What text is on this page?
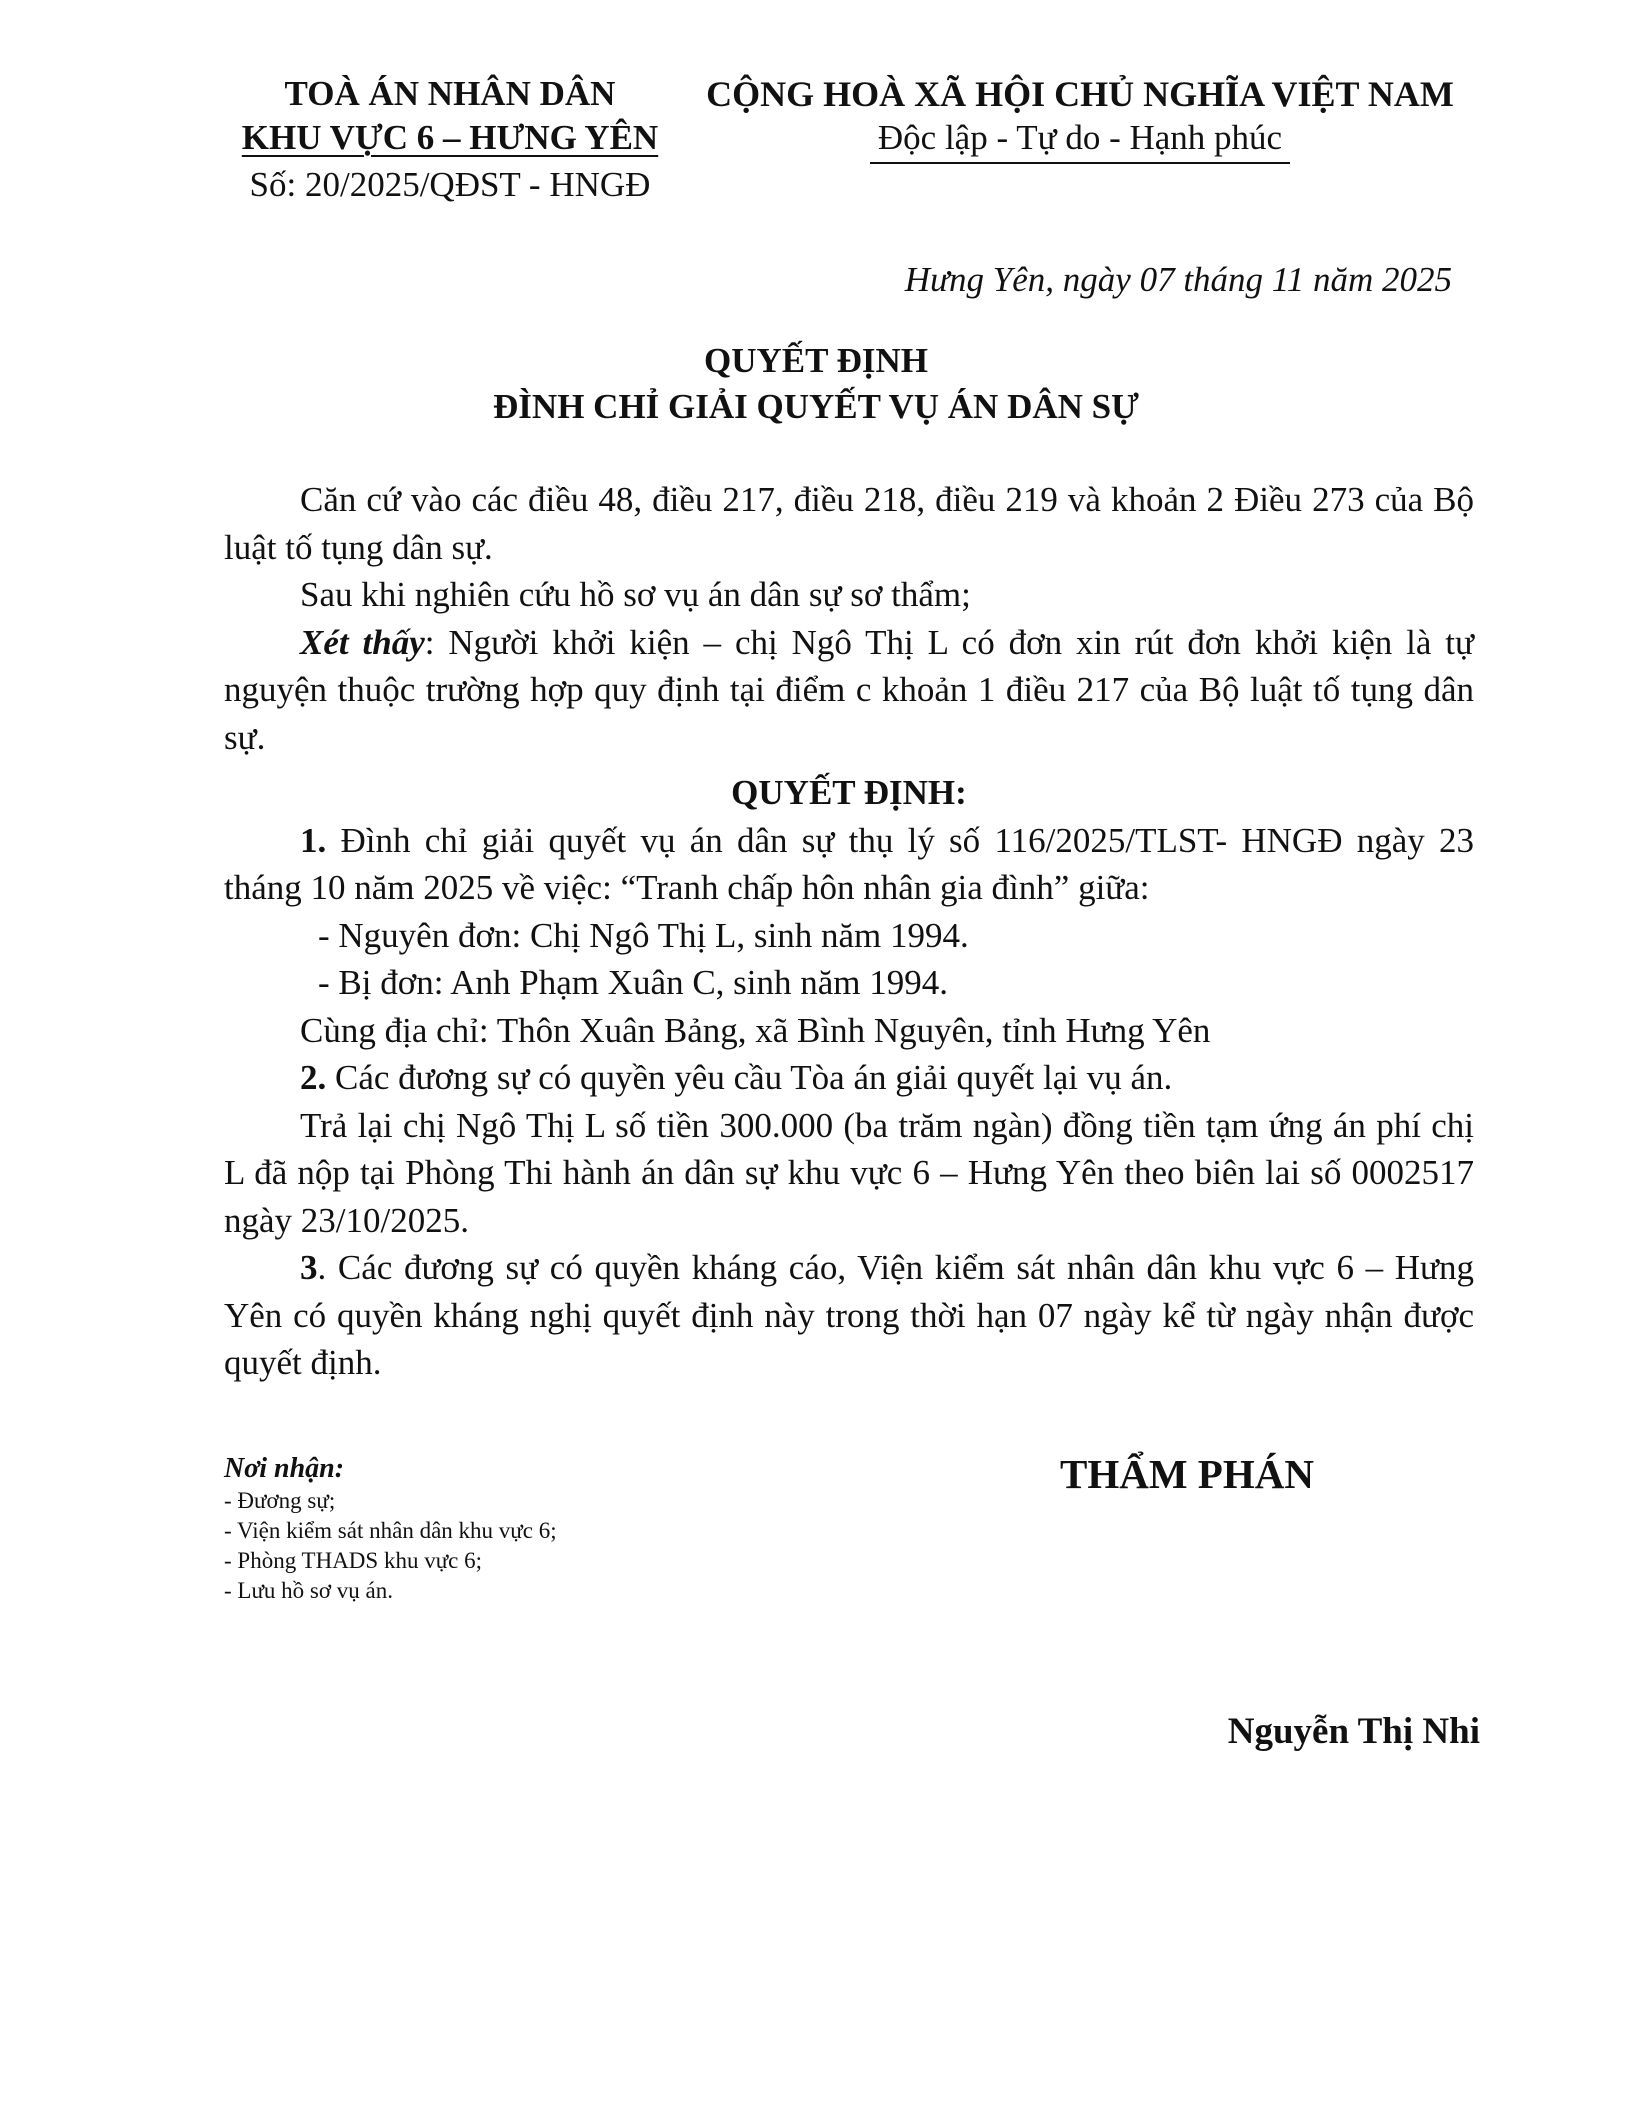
TOÀ ÁN NHÂN DÂN
KHU VỰC 6 – HƯNG YÊN
Số: 20/2025/QĐST - HNGĐ
CỘNG HOÀ XÃ HỘI CHỦ NGHĨA VIỆT NAM
Độc lập - Tự do - Hạnh phúc
Hưng Yên, ngày 07 tháng 11 năm 2025
QUYẾT ĐỊNH
ĐÌNH CHỈ GIẢI QUYẾT VỤ ÁN DÂN SỰ

Căn cứ vào các điều 48, điều 217, điều 218, điều 219 và khoản 2 Điều 273 của Bộ luật tố tụng dân sự.

Sau khi nghiên cứu hồ sơ vụ án dân sự sơ thẩm;

Xét thấy: Người khởi kiện – chị Ngô Thị L có đơn xin rút đơn khởi kiện là tự nguyện thuộc trường hợp quy định tại điểm c khoản 1 điều 217 của Bộ luật tố tụng dân sự.

QUYẾT ĐỊNH:

1. Đình chỉ giải quyết vụ án dân sự thụ lý số 116/2025/TLST- HNGĐ ngày 23 tháng 10 năm 2025 về việc: “Tranh chấp hôn nhân gia đình” giữa:

- Nguyên đơn: Chị Ngô Thị L, sinh năm 1994.

- Bị đơn: Anh Phạm Xuân C, sinh năm 1994.

Cùng địa chỉ: Thôn Xuân Bảng, xã Bình Nguyên, tỉnh Hưng Yên

2. Các đương sự có quyền yêu cầu Tòa án giải quyết lại vụ án.

Trả lại chị Ngô Thị L số tiền 300.000 (ba trăm ngàn) đồng tiền tạm ứng án phí chị L đã nộp tại Phòng Thi hành án dân sự khu vực 6 – Hưng Yên theo biên lai số 0002517 ngày 23/10/2025.

3. Các đương sự có quyền kháng cáo, Viện kiểm sát nhân dân khu vực 6 – Hưng Yên có quyền kháng nghị quyết định này trong thời hạn 07 ngày kể từ ngày nhận được quyết định.

Nơi nhận:
- Đương sự;
- Viện kiểm sát nhân dân khu vực 6;
- Phòng THADS khu vực 6;
- Lưu hồ sơ vụ án.
THẨM PHÁN
Nguyễn Thị Nhi
